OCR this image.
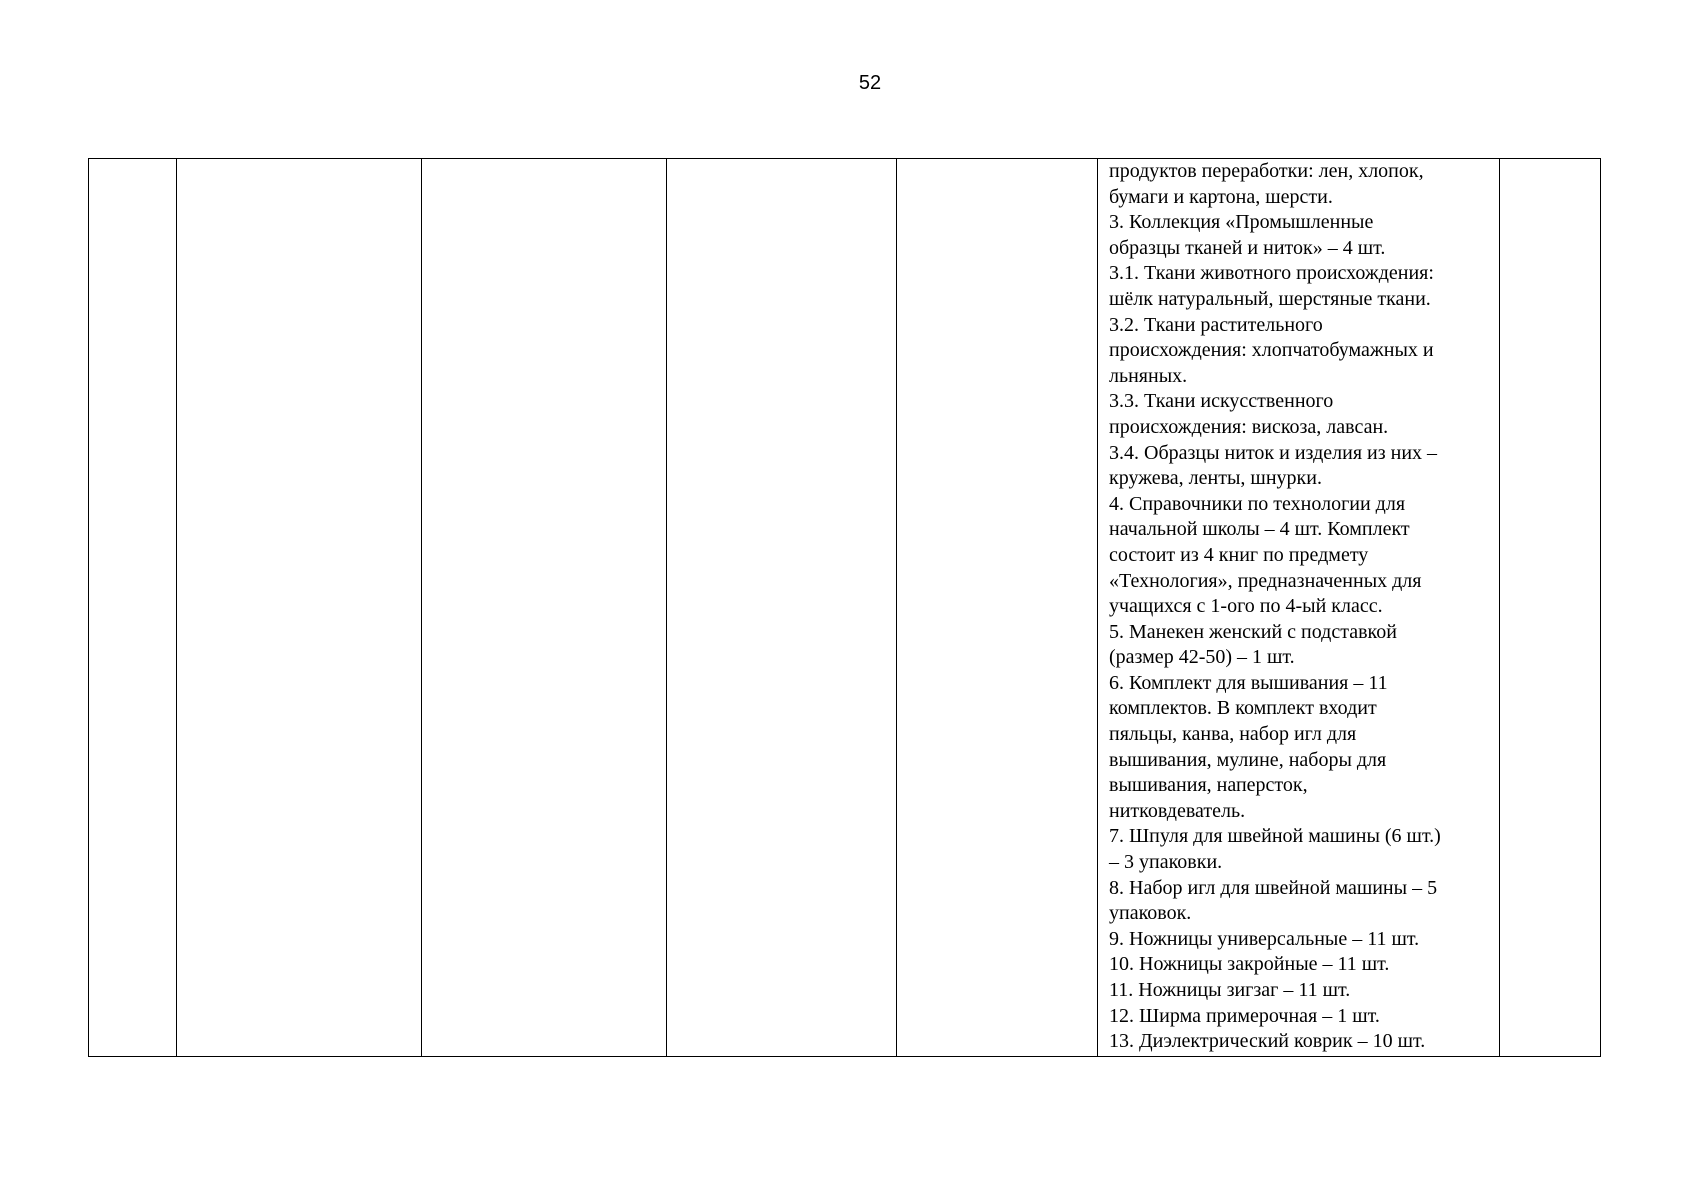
52

продуктов переработки: лен, хлопок,
бумаги и картона, шерсти.
3. Коллекция «Промышленные
образцы тканей и ниток» – 4 шт.
3.1. Ткани животного происхождения:
шёлк натуральный, шерстяные ткани.
3.2. Ткани растительного
происхождения: хлопчатобумажных и
льняных.
3.3. Ткани искусственного
происхождения: вискоза, лавсан.
3.4. Образцы ниток и изделия из них –
кружева, ленты, шнурки.
4. Справочники по технологии для
начальной школы – 4 шт. Комплект
состоит из 4 книг по предмету
«Технология», предназначенных для
учащихся с 1-ого по 4-ый класс.
5. Манекен женский с подставкой
(размер 42-50) – 1 шт.
6. Комплект для вышивания – 11
комплектов. В комплект входит
пяльцы, канва, набор игл для
вышивания, мулине, наборы для
вышивания, наперсток,
нитковдеватель.
7. Шпуля для швейной машины (6 шт.)
– 3 упаковки.
8. Набор игл для швейной машины – 5
упаковок.
9. Ножницы универсальные – 11 шт.
10. Ножницы закройные – 11 шт.
11. Ножницы зигзаг – 11 шт.
12. Ширма примерочная – 1 шт.
13. Диэлектрический коврик – 10 шт.
